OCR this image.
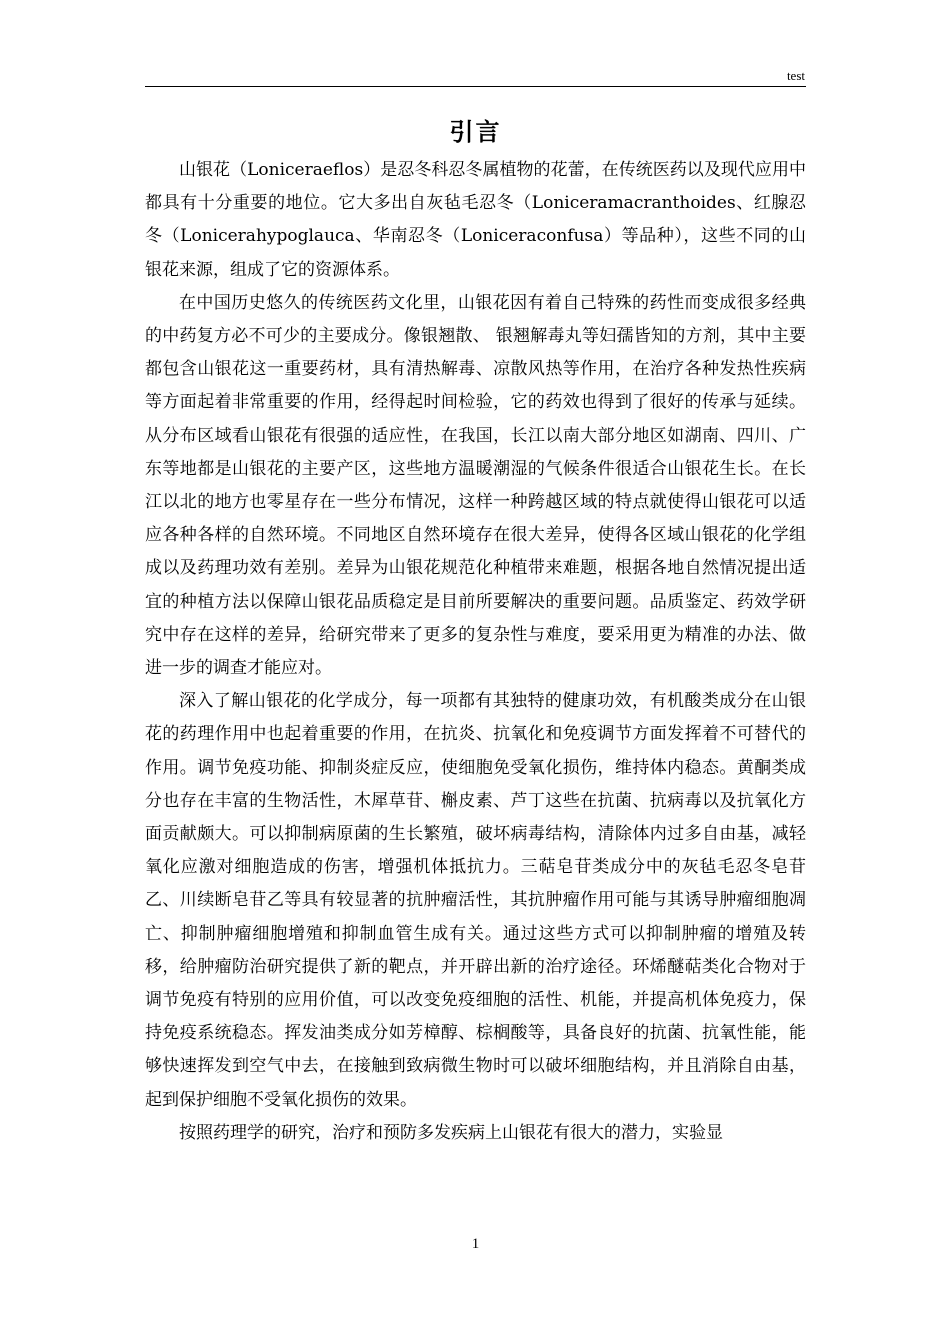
test
引言

山银花（Loniceraeflos）是忍冬科忍冬属植物的花蕾，在传统医药以及现代应用中都具有十分重要的地位。它大多出自灰毡毛忍冬（Loniceramacranthoides、红腺忍冬（Lonicerahypoglauca、华南忍冬（Loniceraconfusa）等品种），这些不同的山银花来源，组成了它的资源体系。

在中国历史悠久的传统医药文化里，山银花因有着自己特殊的药性而变成很多经典的中药复方必不可少的主要成分。像银翘散、 银翘解毒丸等妇孺皆知的方剂，其中主要都包含山银花这一重要药材，具有清热解毒、凉散风热等作用，在治疗各种发热性疾病等方面起着非常重要的作用，经得起时间检验，它的药效也得到了很好的传承与延续。从分布区域看山银花有很强的适应性，在我国，长江以南大部分地区如湖南、四川、广东等地都是山银花的主要产区，这些地方温暖潮湿的气候条件很适合山银花生长。在长江以北的地方也零星存在一些分布情况，这样一种跨越区域的特点就使得山银花可以适应各种各样的自然环境。不同地区自然环境存在很大差异，使得各区域山银花的化学组成以及药理功效有差别。差异为山银花规范化种植带来难题，根据各地自然情况提出适宜的种植方法以保障山银花品质稳定是目前所要解决的重要问题。品质鉴定、药效学研究中存在这样的差异，给研究带来了更多的复杂性与难度，要采用更为精准的办法、做进一步的调查才能应对。

深入了解山银花的化学成分，每一项都有其独特的健康功效，有机酸类成分在山银花的药理作用中也起着重要的作用，在抗炎、抗氧化和免疫调节方面发挥着不可替代的作用。调节免疫功能、抑制炎症反应，使细胞免受氧化损伤，维持体内稳态。黄酮类成分也存在丰富的生物活性，木犀草苷、槲皮素、芦丁这些在抗菌、抗病毒以及抗氧化方面贡献颇大。可以抑制病原菌的生长繁殖，破坏病毒结构，清除体内过多自由基，减轻氧化应激对细胞造成的伤害，增强机体抵抗力。三萜皂苷类成分中的灰毡毛忍冬皂苷乙、川续断皂苷乙等具有较显著的抗肿瘤活性，其抗肿瘤作用可能与其诱导肿瘤细胞凋亡、抑制肿瘤细胞增殖和抑制血管生成有关。通过这些方式可以抑制肿瘤的增殖及转移，给肿瘤防治研究提供了新的靶点，并开辟出新的治疗途径。环烯醚萜类化合物对于调节免疫有特别的应用价值，可以改变免疫细胞的活性、机能，并提高机体免疫力，保持免疫系统稳态。挥发油类成分如芳樟醇、棕榈酸等，具备良好的抗菌、抗氧性能，能够快速挥发到空气中去，在接触到致病微生物时可以破坏细胞结构，并且消除自由基，起到保护细胞不受氧化损伤的效果。

按照药理学的研究，治疗和预防多发疾病上山银花有很大的潜力，实验显

1
